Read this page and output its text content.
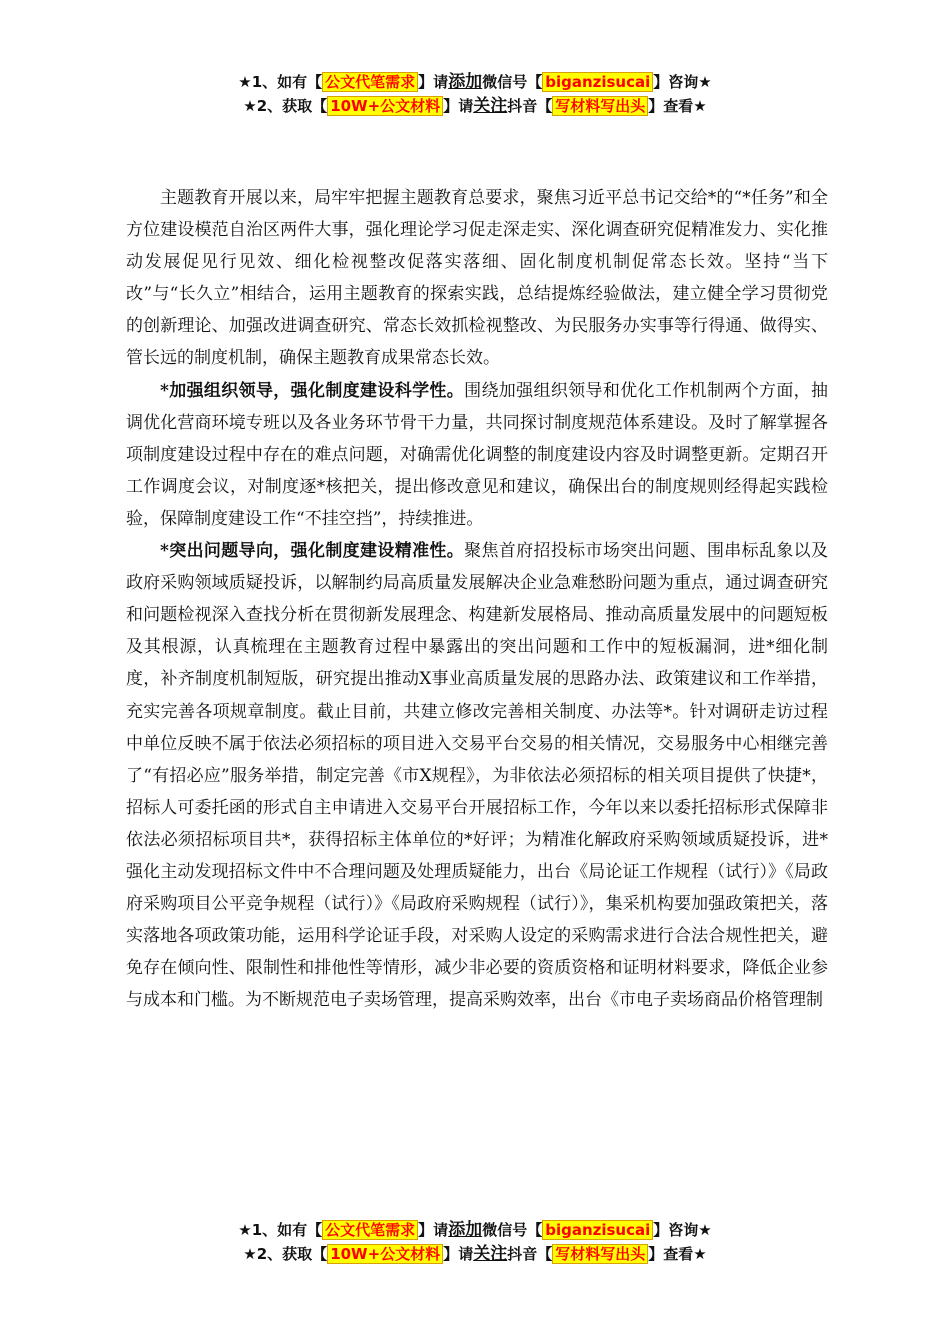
★1、如有【 公文代笔需求 】请添加微信号【 biganzisucai 】咨询★
★2、获取【 10W+公文材料 】请关注抖音【 写材料写出头 】查看★

主题教育开展以来，局牢牢把握主题教育总要求，聚焦习近平总书记交给*的“*任务”和全方位建设模范自治区两件大事，强化理论学习促走深走实、深化调查研究促精准发力、实化推动发展促见行见效、细化检视整改促落实落细、固化制度机制促常态长效。坚持“当下改”与“长久立”相结合，运用主题教育的探索实践，总结提炼经验做法，建立健全学习贯彻党的创新理论、加强改进调查研究、常态长效抓检视整改、为民服务办实事等行得通、做得实、管长远的制度机制，确保主题教育成果常态长效。

*加强组织领导，强化制度建设科学性。围绕加强组织领导和优化工作机制两个方面，抽调优化营商环境专班以及各业务环节骨干力量，共同探讨制度规范体系建设。及时了解掌握各项制度建设过程中存在的难点问题，对确需优化调整的制度建设内容及时调整更新。定期召开工作调度会议，对制度逐*核把关，提出修改意见和建议，确保出台的制度规则经得起实践检验，保障制度建设工作“不挂空挡”，持续推进。

*突出问题导向，强化制度建设精准性。聚焦首府招投标市场突出问题、围串标乱象以及政府采购领域质疑投诉，以解制约局高质量发展解决企业急难愁盼问题为重点，通过调查研究和问题检视深入查找分析在贯彻新发展理念、构建新发展格局、推动高质量发展中的问题短板及其根源，认真梳理在主题教育过程中暴露出的突出问题和工作中的短板漏洞，进*细化制度，补齐制度机制短版，研究提出推动X事业高质量发展的思路办法、政策建议和工作举措，充实完善各项规章制度。截止目前，共建立修改完善相关制度、办法等*。针对调研走访过程中单位反映不属于依法必须招标的项目进入交易平台交易的相关情况，交易服务中心相继完善了“有招必应”服务举措，制定完善《市X规程》，为非依法必须招标的相关项目提供了快捷*，招标人可委托函的形式自主申请进入交易平台开展招标工作，今年以来以委托招标形式保障非依法必须招标项目共*，获得招标主体单位的*好评；为精准化解政府采购领域质疑投诉，进*强化主动发现招标文件中不合理问题及处理质疑能力，出台《局论证工作规程（试行）》《局政府采购项目公平竞争规程（试行）》《局政府采购规程（试行）》，集采机构要加强政策把关，落实落地各项政策功能，运用科学论证手段，对采购人设定的采购需求进行合法合规性把关，避免存在倾向性、限制性和排他性等情形，减少非必要的资质资格和证明材料要求，降低企业参与成本和门槛。为不断规范电子卖场管理，提高采购效率，出台《市电子卖场商品价格管理制

★1、如有【 公文代笔需求 】请添加微信号【 biganzisucai 】咨询★
★2、获取【 10W+公文材料 】请关注抖音【 写材料写出头 】查看★
